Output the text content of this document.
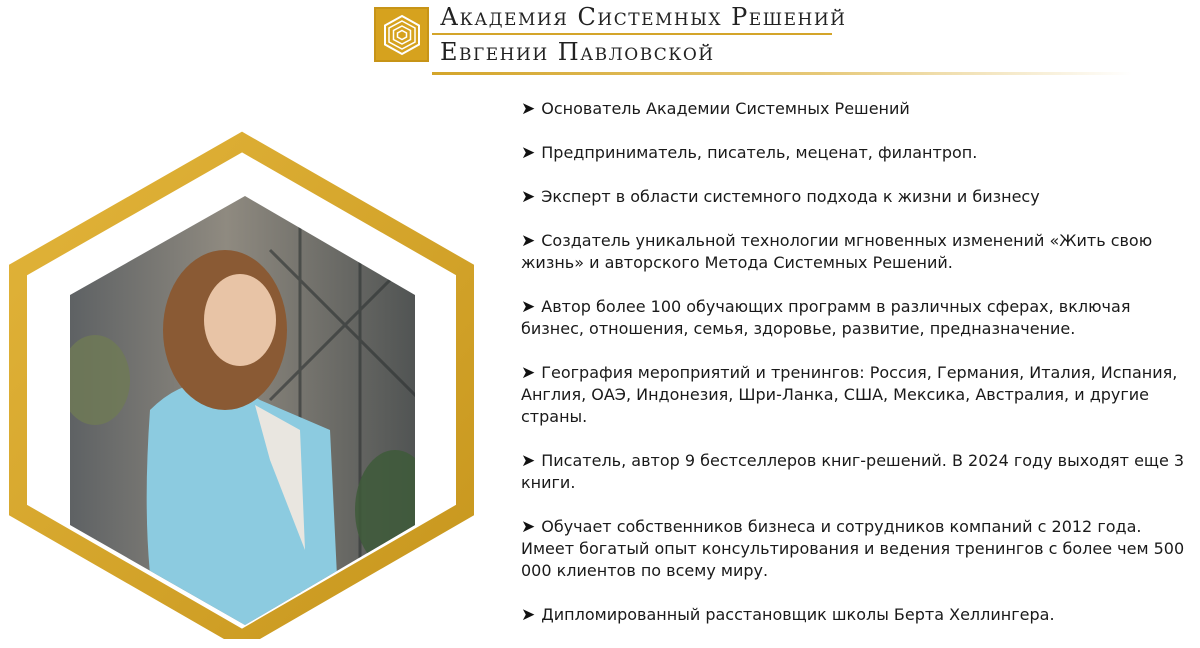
Академия Системных Решений
Евгении Павловской
➤ Основатель Академии Системных Решений
➤ Предприниматель, писатель, меценат, филантроп.
➤ Эксперт в области системного подхода к жизни и бизнесу
➤ Создатель уникальной технологии мгновенных изменений «Жить свою жизнь» и авторского Метода Системных Решений.
➤ Автор более 100 обучающих программ в различных сферах, включая бизнес, отношения, семья, здоровье, развитие, предназначение.
➤ География мероприятий и тренингов: Россия, Германия, Италия, Испания, Англия, ОАЭ, Индонезия, Шри-Ланка, США, Мексика, Австралия, и другие страны.
➤ Писатель, автор 9 бестселлеров книг-решений. В 2024 году выходят еще 3 книги.
➤ Обучает собственников бизнеса и сотрудников компаний с 2012 года. Имеет богатый опыт консультирования и ведения тренингов с более чем 500 000 клиентов по всему миру.
➤ Дипломированный расстановщик школы Берта Хеллингера.
